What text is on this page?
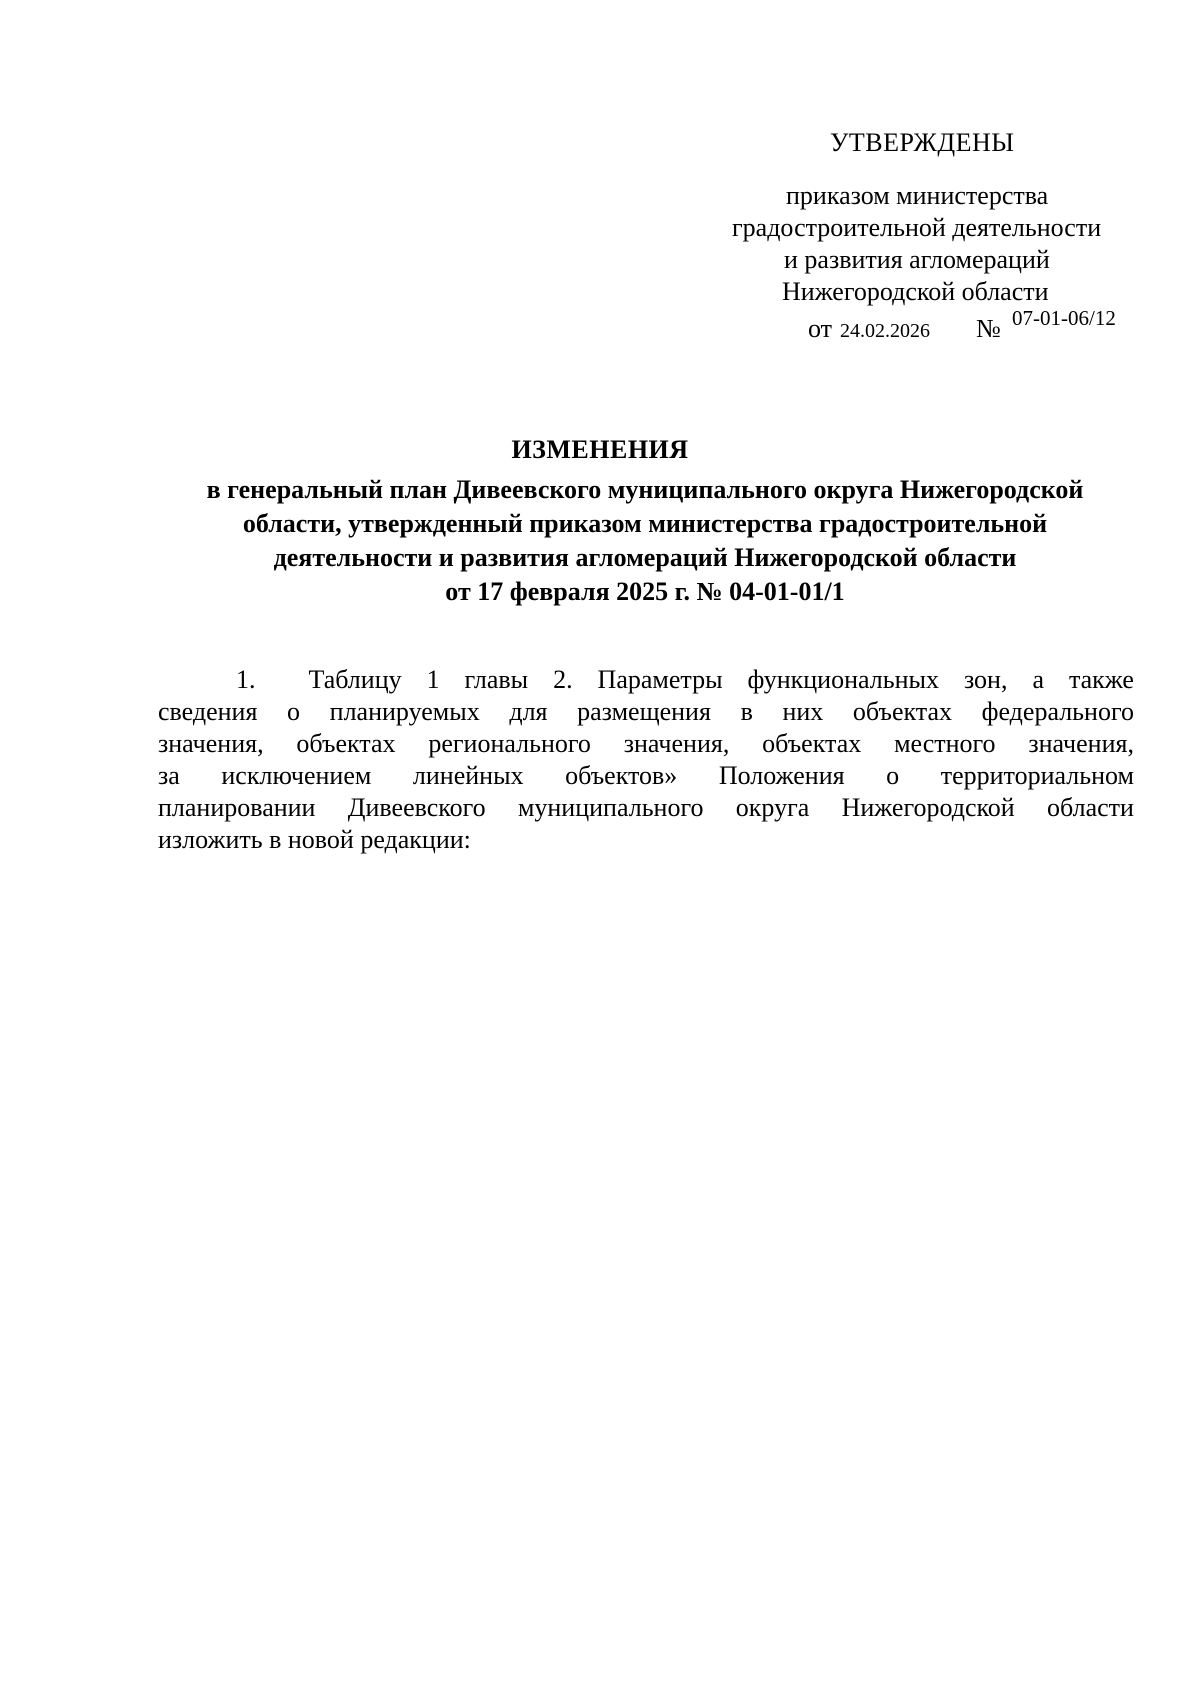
УТВЕРЖДЕНЫ
приказом министерства
градостроительной деятельности
и развития агломераций
Нижегородской области
от 24.02.2026 № 07-01-06/12
ИЗМЕНЕНИЯ
в генеральный план Дивеевского муниципального округа Нижегородской
области, утвержденный приказом министерства градостроительной
деятельности и развития агломераций Нижегородской области
от 17 февраля 2025 г. № 04-01-01/1
1. Таблицу 1 главы 2. Параметры функциональных зон, а также
сведения о планируемых для размещения в них объектах федерального
значения, объектах регионального значения, объектах местного значения,
за исключением линейных объектов» Положения о территориальном
планировании Дивеевского муниципального округа Нижегородской области
изложить в новой редакции:
